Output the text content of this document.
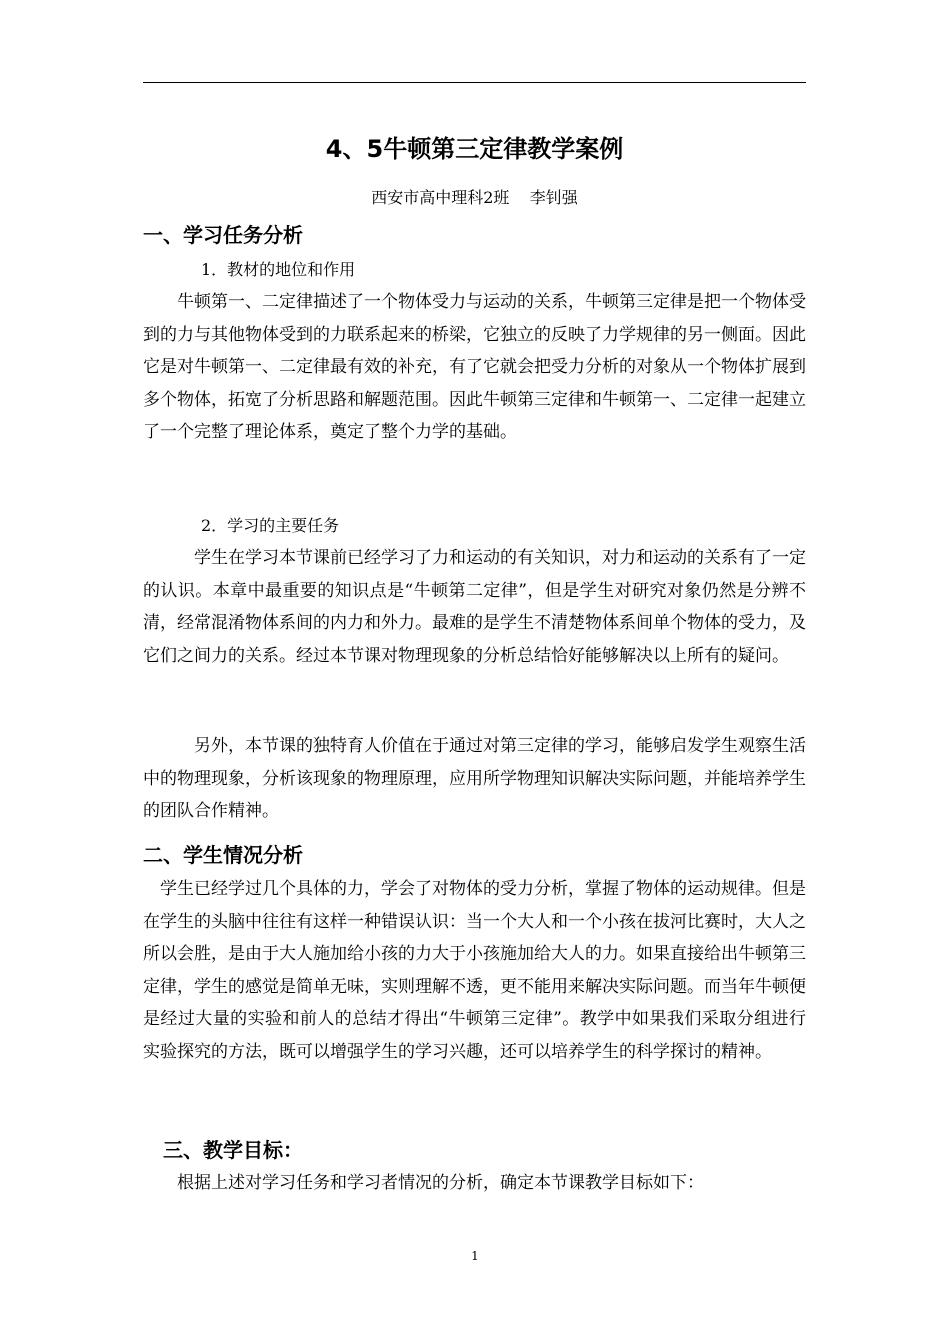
4、5牛顿第三定律教学案例
西安市高中理科2班    李钊强
一、学习任务分析
1．教材的地位和作用
　　牛顿第一、二定律描述了一个物体受力与运动的关系，牛顿第三定律是把一个物体受到的力与其他物体受到的力联系起来的桥梁，它独立的反映了力学规律的另一侧面。因此它是对牛顿第一、二定律最有效的补充，有了它就会把受力分析的对象从一个物体扩展到多个物体，拓宽了分析思路和解题范围。因此牛顿第三定律和牛顿第一、二定律一起建立了一个完整了理论体系，奠定了整个力学的基础。
2．学习的主要任务
　　　学生在学习本节课前已经学习了力和运动的有关知识，对力和运动的关系有了一定的认识。本章中最重要的知识点是“牛顿第二定律”，但是学生对研究对象仍然是分辨不清，经常混淆物体系间的内力和外力。最难的是学生不清楚物体系间单个物体的受力，及它们之间力的关系。经过本节课对物理现象的分析总结恰好能够解决以上所有的疑问。
　　　另外，本节课的独特育人价值在于通过对第三定律的学习，能够启发学生观察生活中的物理现象，分析该现象的物理原理，应用所学物理知识解决实际问题，并能培养学生的团队合作精神。
二、学生情况分析
　学生已经学过几个具体的力，学会了对物体的受力分析，掌握了物体的运动规律。但是在学生的头脑中往往有这样一种错误认识：当一个大人和一个小孩在拔河比赛时，大人之所以会胜，是由于大人施加给小孩的力大于小孩施加给大人的力。如果直接给出牛顿第三定律，学生的感觉是简单无味，实则理解不透，更不能用来解决实际问题。而当年牛顿便是经过大量的实验和前人的总结才得出“牛顿第三定律”。教学中如果我们采取分组进行实验探究的方法，既可以增强学生的学习兴趣，还可以培养学生的科学探讨的精神。
　三、教学目标：
　　根据上述对学习任务和学习者情况的分析，确定本节课教学目标如下：
1
